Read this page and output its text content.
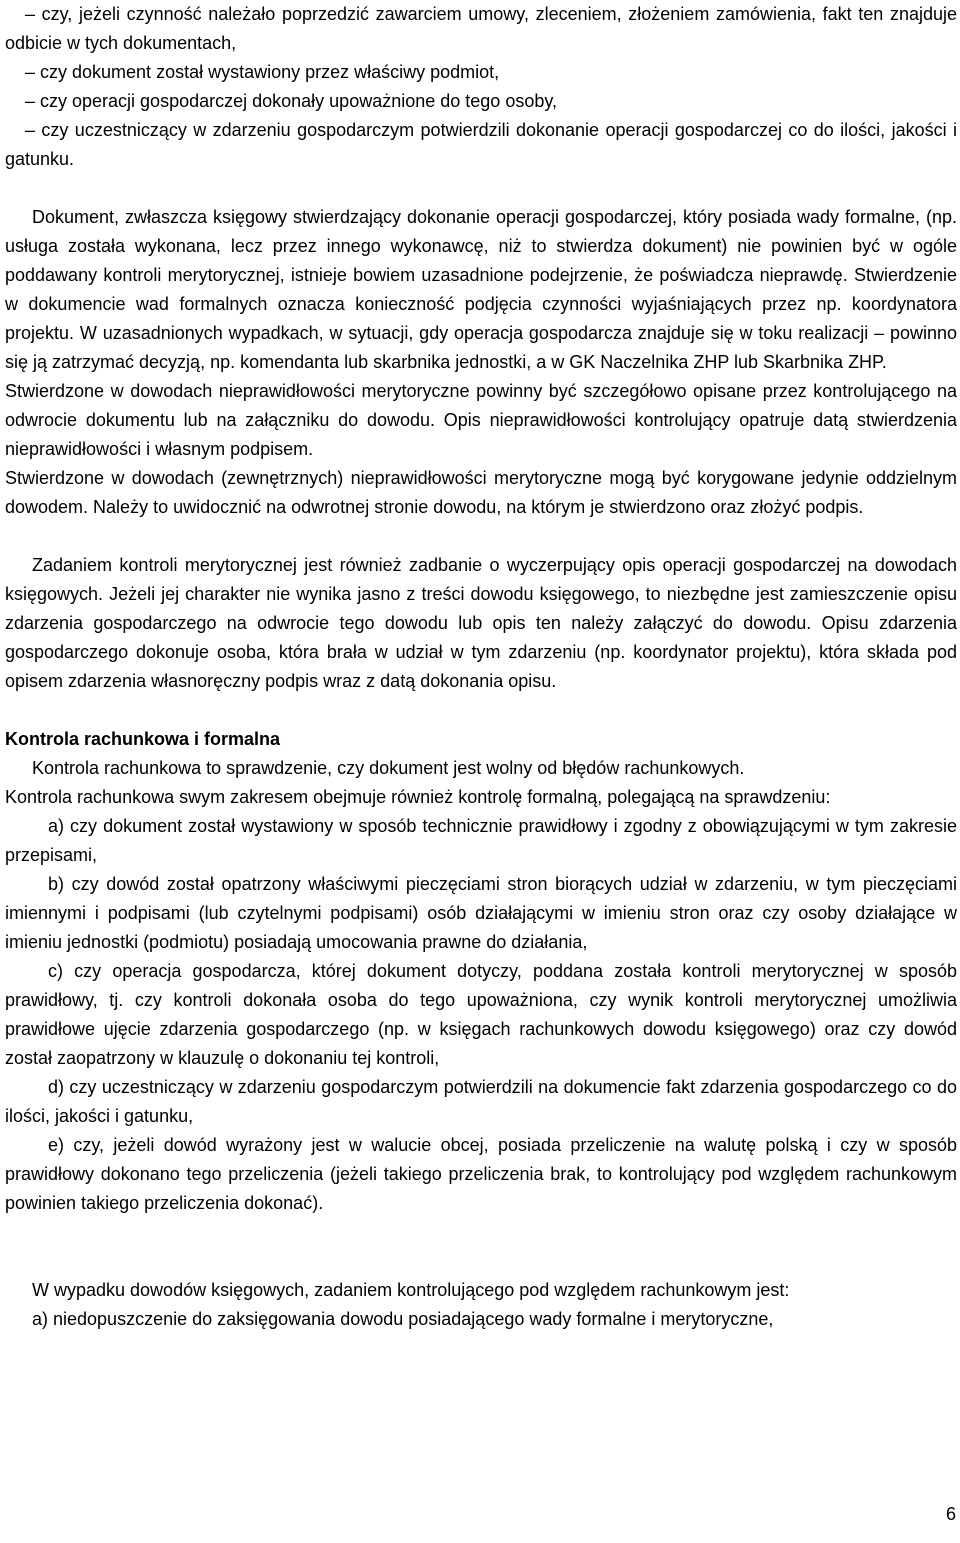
– czy, jeżeli czynność należało poprzedzić zawarciem umowy, zleceniem, złożeniem zamówienia, fakt ten znajduje odbicie w tych dokumentach,

– czy dokument został wystawiony przez właściwy podmiot,

– czy operacji gospodarczej dokonały upoważnione do tego osoby,

– czy uczestniczący w zdarzeniu gospodarczym potwierdzili dokonanie operacji gospodarczej co do ilości, jakości i gatunku.

Dokument, zwłaszcza księgowy stwierdzający dokonanie operacji gospodarczej, który posiada wady formalne, (np. usługa została wykonana, lecz przez innego wykonawcę, niż to stwierdza dokument) nie powinien być w ogóle poddawany kontroli merytorycznej, istnieje bowiem uzasadnione podejrzenie, że poświadcza nieprawdę. Stwierdzenie w dokumencie wad formalnych oznacza konieczność podjęcia czynności wyjaśniających przez np. koordynatora projektu. W uzasadnionych wypadkach, w sytuacji, gdy operacja gospodarcza znajduje się w toku realizacji – powinno się ją zatrzymać decyzją, np. komendanta lub skarbnika jednostki, a w GK Naczelnika ZHP lub Skarbnika ZHP.

Stwierdzone w dowodach nieprawidłowości merytoryczne powinny być szczegółowo opisane przez kontrolującego na odwrocie dokumentu lub na załączniku do dowodu. Opis nieprawidłowości kontrolujący opatruje datą stwierdzenia nieprawidłowości i własnym podpisem.

Stwierdzone w dowodach (zewnętrznych) nieprawidłowości merytoryczne mogą być korygowane jedynie oddzielnym dowodem. Należy to uwidocznić na odwrotnej stronie dowodu, na którym je stwierdzono oraz złożyć podpis.

Zadaniem kontroli merytorycznej jest również zadbanie o wyczerpujący opis operacji gospodarczej na dowodach księgowych. Jeżeli jej charakter nie wynika jasno z treści dowodu księgowego, to niezbędne jest zamieszczenie opisu zdarzenia gospodarczego na odwrocie tego dowodu lub opis ten należy załączyć do dowodu. Opisu zdarzenia gospodarczego dokonuje osoba, która brała w udział w tym zdarzeniu (np. koordynator projektu), która składa pod opisem zdarzenia własnoręczny podpis wraz z datą dokonania opisu.

Kontrola rachunkowa i formalna

Kontrola rachunkowa to sprawdzenie, czy dokument jest wolny od błędów rachunkowych.

Kontrola rachunkowa swym zakresem obejmuje również kontrolę formalną, polegającą na sprawdzeniu:

a) czy dokument został wystawiony w sposób technicznie prawidłowy i zgodny z obowiązującymi w tym zakresie przepisami,

b) czy dowód został opatrzony właściwymi pieczęciami stron biorących udział w zdarzeniu, w tym pieczęciami imiennymi i podpisami (lub czytelnymi podpisami) osób działającymi w imieniu stron oraz czy osoby działające w imieniu jednostki (podmiotu) posiadają umocowania prawne do działania,

c) czy operacja gospodarcza, której dokument dotyczy, poddana została kontroli merytorycznej w sposób prawidłowy, tj. czy kontroli dokonała osoba do tego upoważniona, czy wynik kontroli merytorycznej umożliwia prawidłowe ujęcie zdarzenia gospodarczego (np. w księgach rachunkowych dowodu księgowego) oraz czy dowód został zaopatrzony w klauzulę o dokonaniu tej kontroli,

d) czy uczestniczący w zdarzeniu gospodarczym potwierdzili na dokumencie fakt zdarzenia gospodarczego co do ilości, jakości i gatunku,

e) czy, jeżeli dowód wyrażony jest w walucie obcej, posiada przeliczenie na walutę polską i czy w sposób prawidłowy dokonano tego przeliczenia (jeżeli takiego przeliczenia brak, to kontrolujący pod względem rachunkowym powinien takiego przeliczenia dokonać).

W wypadku dowodów księgowych, zadaniem kontrolującego pod względem rachunkowym jest:

a) niedopuszczenie do zaksięgowania dowodu posiadającego wady formalne i merytoryczne,

6
